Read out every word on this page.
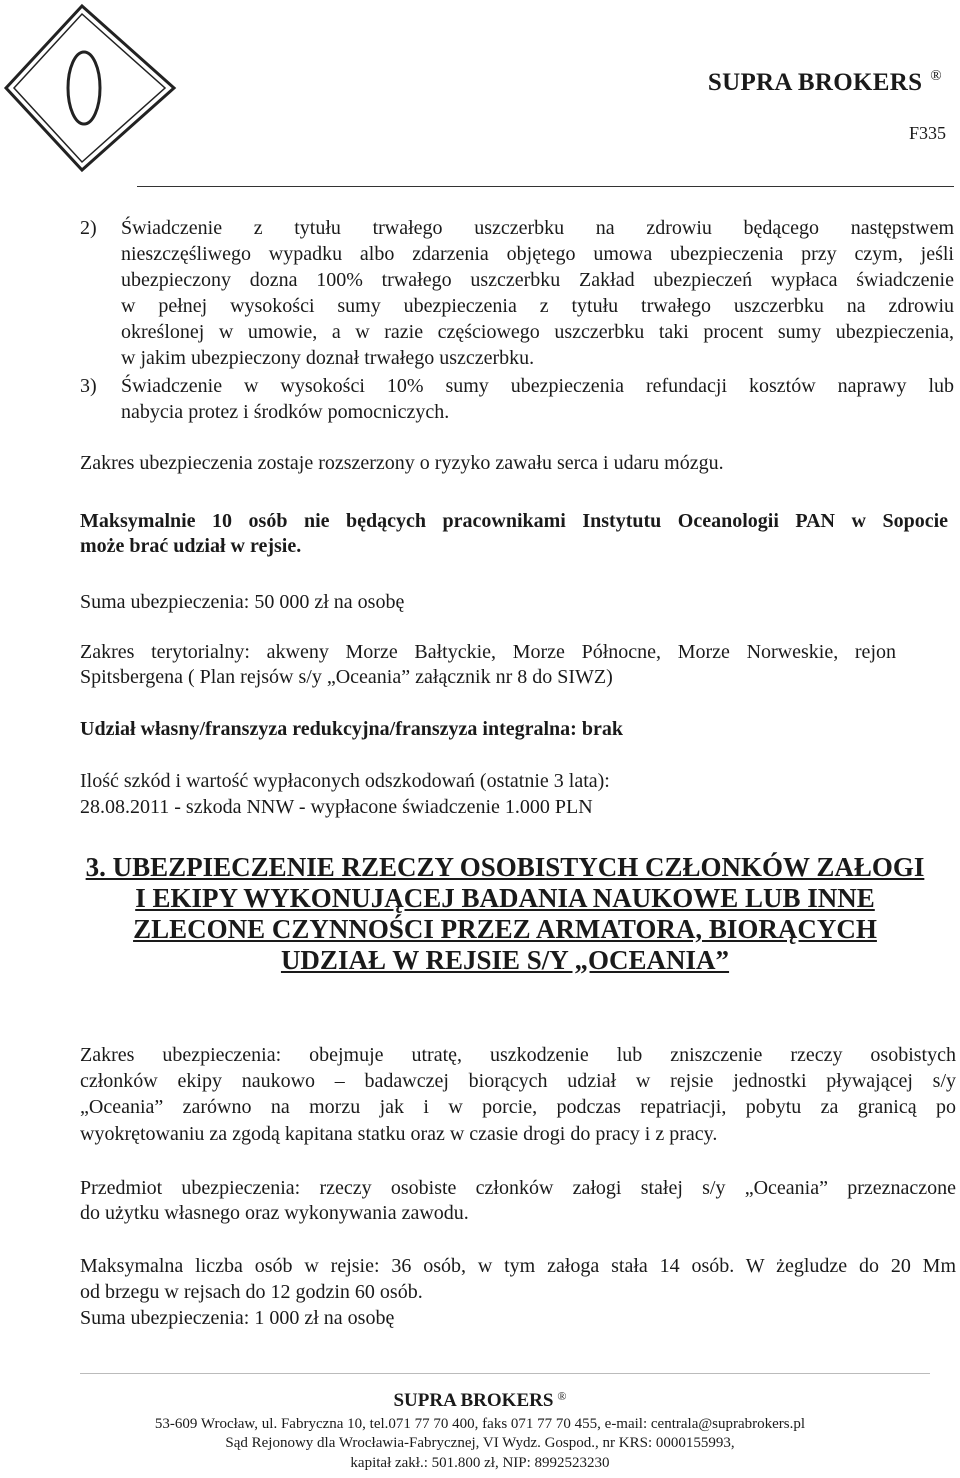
SUPRA BROKERS ®
F335
2) Świadczenie z tytułu trwałego uszczerbku na zdrowiu będącego następstwem
nieszczęśliwego wypadku albo zdarzenia objętego umowa ubezpieczenia przy czym, jeśli
ubezpieczony dozna 100% trwałego uszczerbku Zakład ubezpieczeń wypłaca świadczenie
w pełnej wysokości sumy ubezpieczenia z tytułu trwałego uszczerbku na zdrowiu
określonej w umowie, a w razie częściowego uszczerbku taki procent sumy ubezpieczenia,
w jakim ubezpieczony doznał trwałego uszczerbku.
3) Świadczenie w wysokości 10% sumy ubezpieczenia refundacji kosztów naprawy lub
nabycia protez i środków pomocniczych.
Zakres ubezpieczenia zostaje rozszerzony o ryzyko zawału serca i udaru mózgu.
Maksymalnie 10 osób nie będących pracownikami Instytutu Oceanologii PAN w Sopocie
może brać udział w rejsie.
Suma ubezpieczenia: 50 000 zł na osobę
Zakres terytorialny: akweny Morze Bałtyckie, Morze Północne, Morze Norweskie, rejon
Spitsbergena ( Plan rejsów s/y „Oceania” załącznik nr 8 do SIWZ)
Udział własny/franszyza redukcyjna/franszyza integralna: brak
Ilość szkód i wartość wypłaconych odszkodowań (ostatnie 3 lata):
28.08.2011 - szkoda NNW - wypłacone świadczenie 1.000 PLN
3. UBEZPIECZENIE RZECZY OSOBISTYCH CZŁONKÓW ZAŁOGI
I EKIPY WYKONUJĄCEJ BADANIA NAUKOWE LUB INNE
ZLECONE CZYNNOŚCI PRZEZ ARMATORA, BIORĄCYCH
UDZIAŁ W REJSIE S/Y „OCEANIA”
Zakres ubezpieczenia: obejmuje utratę, uszkodzenie lub zniszczenie rzeczy osobistych
członków ekipy naukowo – badawczej biorących udział w rejsie jednostki pływającej s/y
„Oceania” zarówno na morzu jak i w porcie, podczas repatriacji, pobytu za granicą po
wyokrętowaniu za zgodą kapitana statku oraz w czasie drogi do pracy i z pracy.
Przedmiot ubezpieczenia: rzeczy osobiste członków załogi stałej s/y „Oceania” przeznaczone
do użytku własnego oraz wykonywania zawodu.
Maksymalna liczba osób w rejsie: 36 osób, w tym załoga stała 14 osób. W żegludze do 20 Mm
od brzegu w rejsach do 12 godzin 60 osób.
Suma ubezpieczenia: 1 000 zł na osobę
SUPRA BROKERS ®
53-609 Wrocław, ul. Fabryczna 10, tel.071 77 70 400, faks 071 77 70 455, e-mail: centrala@suprabrokers.pl
Sąd Rejonowy dla Wrocławia-Fabrycznej, VI Wydz. Gospod., nr KRS: 0000155993,
kapitał zakł.: 501.800 zł, NIP: 8992523230
